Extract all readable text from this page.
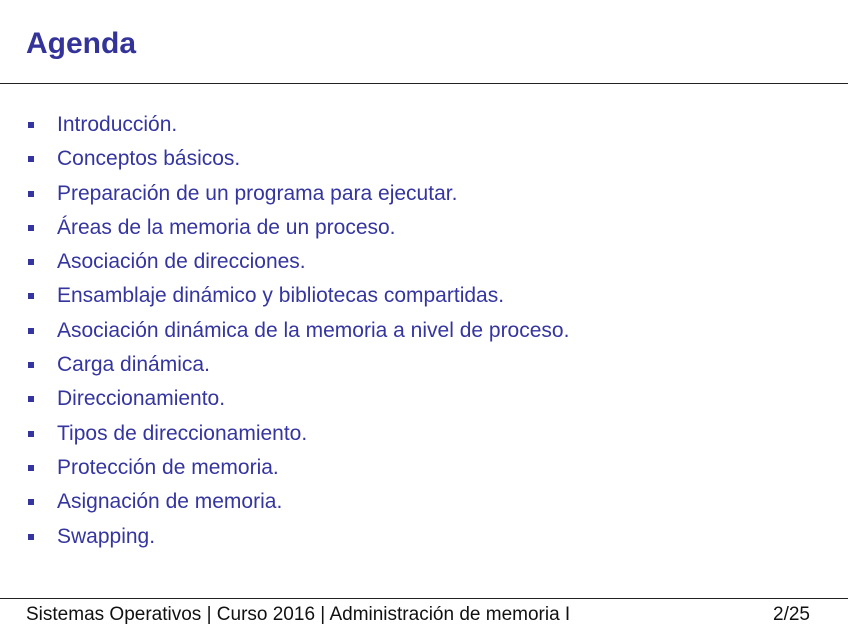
Agenda
Introducción.
Conceptos básicos.
Preparación de un programa para ejecutar.
Áreas de la memoria de un proceso.
Asociación de direcciones.
Ensamblaje dinámico y bibliotecas compartidas.
Asociación dinámica de la memoria a nivel de proceso.
Carga dinámica.
Direccionamiento.
Tipos de direccionamiento.
Protección de memoria.
Asignación de memoria.
Swapping.
Sistemas Operativos | Curso 2016 | Administración de memoria I	2/25
